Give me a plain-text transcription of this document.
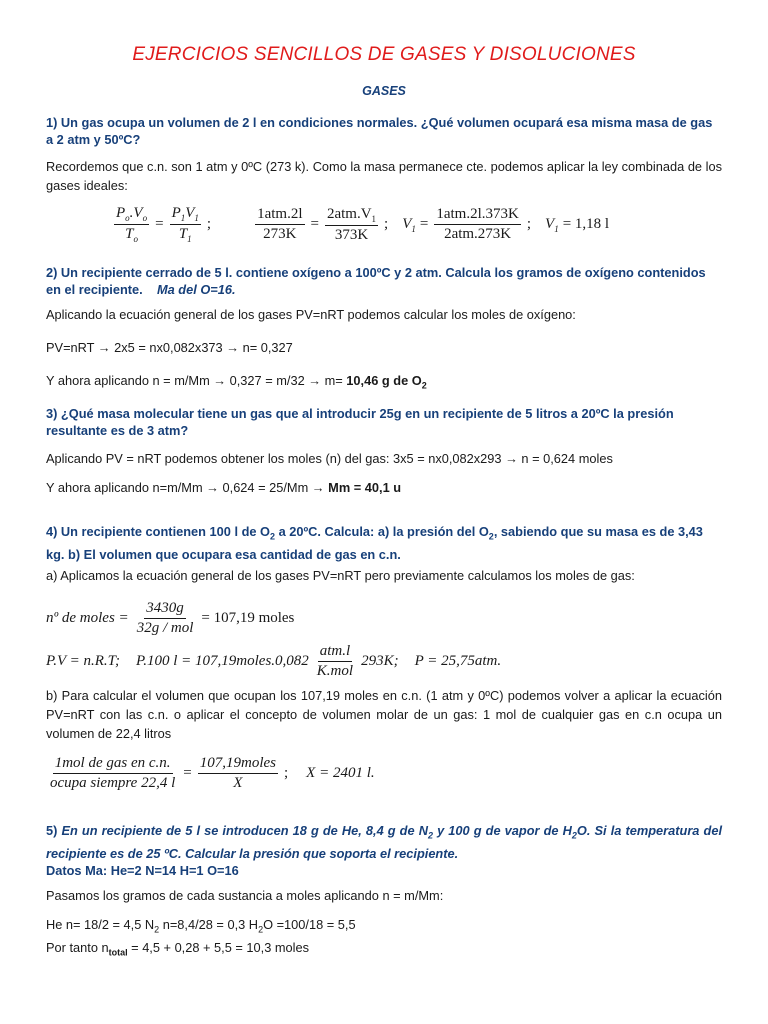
EJERCICIOS SENCILLOS DE GASES Y DISOLUCIONES
GASES
1) Un gas ocupa un volumen de 2 l en condiciones normales. ¿Qué volumen ocupará esa misma masa de gas a 2 atm y 50ºC?
Recordemos que c.n. son 1 atm y 0ºC (273 k). Como la masa permanece cte. podemos aplicar la ley combinada de los gases ideales:
$\frac{P_o.V_o}{T_o} = \frac{P_1V_1}{T_1}$ ;	$\frac{\text{1atm.2l}}{273K} = \frac{2atm.V_1}{373K}$ ; $V_1 = \frac{\text{1atm.2l.373K}}{\text{2atm.273K}}$ ; $V_1 = 1,18$ l
2) Un recipiente cerrado de 5 l. contiene oxígeno a 100ºC y 2 atm. Calcula los gramos de oxígeno contenidos en el recipiente. Ma del O=16.
Aplicando la ecuación general de los gases PV=nRT podemos calcular los moles de oxígeno:
PV=nRT → 2x5 = nx0,082x373 → n= 0,327
Y ahora aplicando n = m/Mm → 0,327 = m/32 → m= 10,46 g de $O_2$
3) ¿Qué masa molecular tiene un gas que al introducir 25g en un recipiente de 5 litros a 20ºC la presión resultante es de 3 atm?
Aplicando PV = nRT podemos obtener los moles (n) del gas: 3x5 = nx0,082x293 → n = 0,624 moles
Y ahora aplicando n=m/Mm → 0,624 = 25/Mm → Mm = 40,1 u
4) Un recipiente contienen 100 l de $O_2$ a 20ºC. Calcula: a) la presión del $O_2$, sabiendo que su masa es de 3,43 kg. b) El volumen que ocupara esa cantidad de gas en c.n.
a) Aplicamos la ecuación general de los gases PV=nRT pero previamente calculamos los moles de gas:
nº de moles = $\frac{3430g}{\text{32g / mol}} = 107,19$ moles
P.V = n.R.T; P.100 l = 107,19moles.0,082 $\frac{\text{atm.l}}{\text{K.mol}} 293K$; P = 25,75atm.
b) Para calcular el volumen que ocupan los 107,19 moles en c.n. (1 atm y 0ºC) podemos volver a aplicar la ecuación PV=nRT con las c.n. o aplicar el concepto de volumen molar de un gas: 1 mol de cualquier gas en c.n ocupa un volumen de 22,4 litros
$\frac{\text{1mol de gas en c.n.}}{\text{ocupa siempre 22,4 l}} = \frac{\text{107,19moles}}{X}$ ; X = 2401 l.
5) En un recipiente de 5 l se introducen 18 g de He, 8,4 g de $N_2$ y 100 g de vapor de $H_2O$. Si la temperatura del recipiente es de 25 ºC. Calcular la presión que soporta el recipiente.
Datos Ma: He=2 N=14 H=1 O=16
Pasamos los gramos de cada sustancia a moles aplicando n = m/Mm:
He n= 18/2 = 4,5 $N_2$ n=8,4/28 = 0,3 $H_2O =100/18 = 5,5$
Por tanto $n_{total} = 4,5 + 0,28 + 5,5 = 10,3$ moles
